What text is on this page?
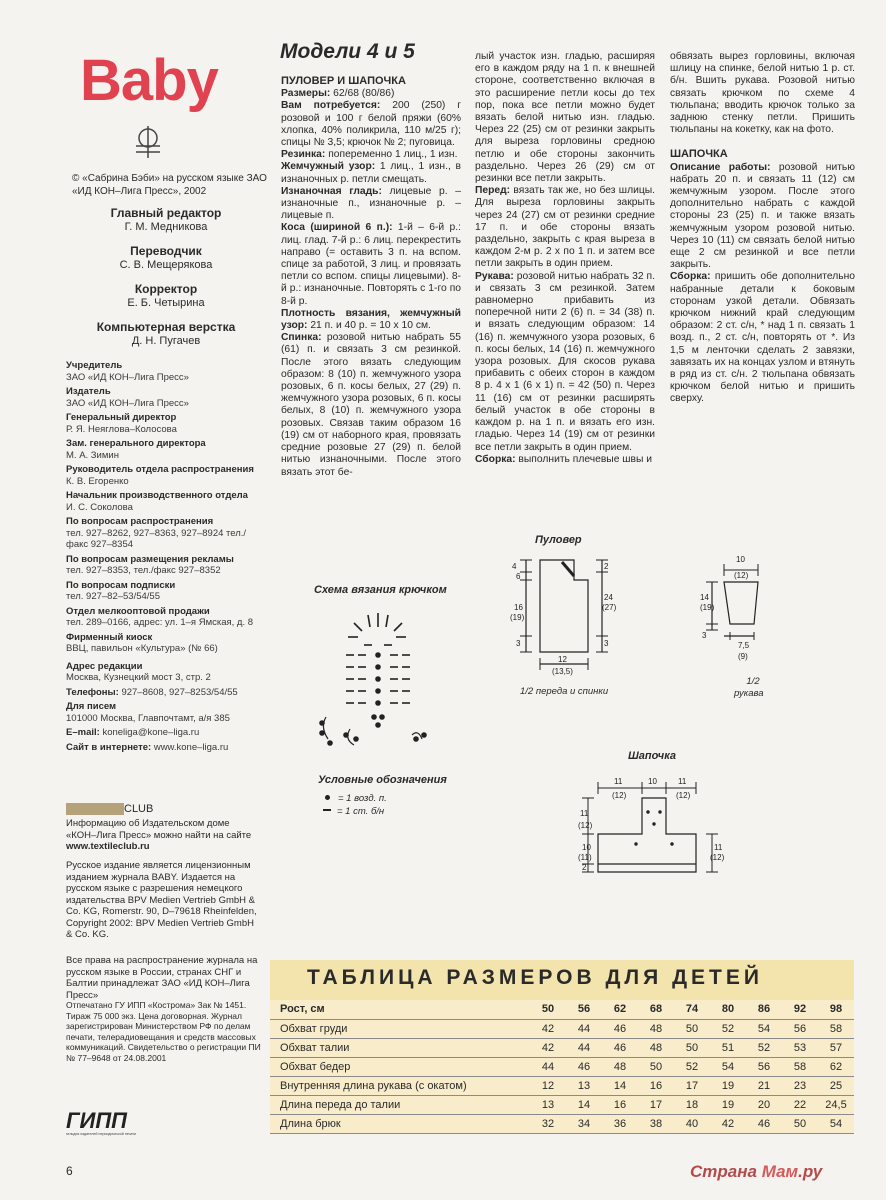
Baby
© «Сабрина Бэби» на русском языке ЗАО «ИД КОН–Лига Пресс», 2002
Главный редактор
Г. М. Медникова
Переводчик
С. В. Мещерякова
Корректор
Е. Б. Четырина
Компьютерная верстка
Д. Н. Пугачев
Учредитель
ЗАО «ИД КОН–Лига Пресс»
Издатель
ЗАО «ИД КОН–Лига Пресс»
Генеральный директор
Р. Я. Неяглова–Колосова
Зам. генерального директора
М. А. Зимин
Руководитель отдела распространения
К. В. Егоренко
Начальник производственного отдела
И. С. Соколова
По вопросам распространения
тел. 927–8262, 927–8363, 927–8924 тел./факс 927–8354
По вопросам размещения рекламы
тел. 927–8353, тел./факс 927–8352
По вопросам подписки
тел. 927–82–53/54/55
Отдел мелкооптовой продажи
тел. 289–0166, адрес: ул. 1–я Ямская, д. 8
Фирменный киоск
ВВЦ, павильон «Культура» (№ 66)
Адрес редакции
Москва, Кузнецкий мост 3, стр. 2
Телефоны: 927–8608, 927–8253/54/55
Для писем
101000 Москва, Главпочтамт, а/я 385
E–mail: koneliga@kone–liga.ru
Сайт в интернете: www.kone–liga.ru
CLUB
Информацию об Издательском доме «КОН–Лига Пресс» можно найти на сайте www.textileclub.ru
Русское издание является лицензионным изданием журнала BABY. Издается на русском языке с разрешения немецкого издательства BPV Medien Vertrieb GmbH & Co. KG, Romerstr. 90, D–79618 Rheinfelden, Copyright 2002: BPV Medien Vertrieb GmbH & Co. KG.
Все права на распространение журнала на русском языке в России, странах СНГ и Балтии принадлежат ЗАО «ИД КОН–Лига Пресс»
Отпечатано ГУ ИПП «Кострома» Зак № 1451. Тираж 75 000 экз. Цена договорная. Журнал зарегистрирован Министерством РФ по делам печати, телерадиовещания и средств массовых коммуникаций. Свидетельство о регистрации ПИ № 77–9648 от 24.08.2001
ГИПП
гильдия издателей периодической печати
6
Модели 4 и 5

ПУЛОВЕР И ШАПОЧКА

Размеры: 62/68 (80/86)

Вам потребуется: 200 (250) г розовой и 100 г белой пряжи (60% хлопка, 40% поликрила, 110 м/25 г); спицы № 3,5; крючок № 2; пуговица.

Резинка: попеременно 1 лиц., 1 изн.

Жемчужный узор: 1 лиц., 1 изн., в изнаночных р. петли смещать.

Изнаночная гладь: лицевые р. – изнаночные п., изнаночные р. – лицевые п.

Коса (шириной 6 п.): 1-й – 6-й р.: лиц. глад. 7-й р.: 6 лиц. перекрестить направо (= оставить 3 п. на вспом. спице за работой, 3 лиц. и провязать петли со вспом. спицы лицевыми). 8-й р.: изнаночные. Повторять с 1-го по 8-й р.

Плотность вязания, жемчужный узор: 21 п. и 40 р. = 10 х 10 см.

Спинка: розовой нитью набрать 55 (61) п. и связать 3 см резинкой. После этого вязать следующим образом: 8 (10) п. жемчужного узора розовых, 6 п. косы белых, 27 (29) п. жемчужного узора розовых, 6 п. косы белых, 8 (10) п. жемчужного узора розовых. Связав таким образом 16 (19) см от наборного края, провязать средние розовые 27 (29) п. белой нитью изнаночными. После этого вязать этот бе-

лый участок изн. гладью, расширяя его в каждом ряду на 1 п. к внешней стороне, соответственно включая в это расширение петли косы до тех пор, пока все петли можно будет вязать белой нитью изн. гладью. Через 22 (25) см от резинки закрыть для выреза горловины средною петлю и обе стороны закончить раздельно. Через 26 (29) см от резинки все петли закрыть.

Перед: вязать так же, но без шлицы. Для выреза горловины закрыть через 24 (27) см от резинки средние 17 п. и обе стороны вязать раздельно, закрыть с края выреза в каждом 2-м р. 2 х по 1 п. и затем все петли закрыть в один прием.

Рукава: розовой нитью набрать 32 п. и связать 3 см резинкой. Затем равномерно прибавить из поперечной нити 2 (6) п. = 34 (38) п. и вязать следующим образом: 14 (16) п. жемчужного узора розовых, 6 п. косы белых, 14 (16) п. жемчужного узора розовых. Для скосов рукава прибавить с обеих сторон в каждом 8 р. 4 х 1 (6 х 1) п. = 42 (50) п. Через 11 (16) см от резинки расширять белый участок в обе стороны в каждом р. на 1 п. и вязать его изн. гладью. Через 14 (19) см от резинки все петли закрыть в один прием.

Сборка: выполнить плечевые швы и

обвязать вырез горловины, включая шлицу на спинке, белой нитью 1 р. ст. б/н. Вшить рукава. Розовой нитью связать крючком по схеме 4 тюльпана; вводить крючок только за заднюю стенку петли. Пришить тюльпаны на кокетку, как на фото.

ШАПОЧКА

Описание работы: розовой нитью набрать 20 п. и связать 11 (12) см жемчужным узором. После этого дополнительно набрать с каждой стороны 23 (25) п. и также вязать жемчужным узором розовой нитью. Через 10 (11) см связать белой нитью еще 2 см резинкой и все петли закрыть.

Сборка: пришить обе дополнительно набранные детали к боковым сторонам узкой детали. Обвязать крючком нижний край следующим образом: 2 ст. с/н, * над 1 п. связать 1 возд. п., 2 ст. с/н, повторять от *. Из 1,5 м ленточки сделать 2 завязки, завязать их на концах узлом и втянуть в ряд из ст. с/н. 2 тюльпана обвязать крючком белой нитью и пришить сверху.

Схема вязания крючком
Условные обозначения
= 1 возд. п.
= 1 ст. б/н
Пуловер
4
6
16
(19)
3
2
24
(27)
3
12
(13,5)
1/2 переда и спинки
10
(12)
14
(19)
3
7,5
(9)
1/2
рукава
Шапочка
11
(12)
10	11
(12)
11
(12)
10
(11)
2
11
(12)
ТАБЛИЦА РАЗМЕРОВ ДЛЯ ДЕТЕЙ
Рост, см	50	56	62	68	74	80	86	92	98
Обхват груди	42	44	46	48	50	52	54	56	58
Обхват талии	42	44	46	48	50	51	52	53	57
Обхват бедер	44	46	48	50	52	54	56	58	62
Внутренняя длина рукава (с окатом)	12	13	14	16	17	19	21	23	25
Длина переда до талии	13	14	16	17	18	19	20	22	24,5
Длина брюк	32	34	36	38	40	42	46	50	54
Страна Мам.ру
